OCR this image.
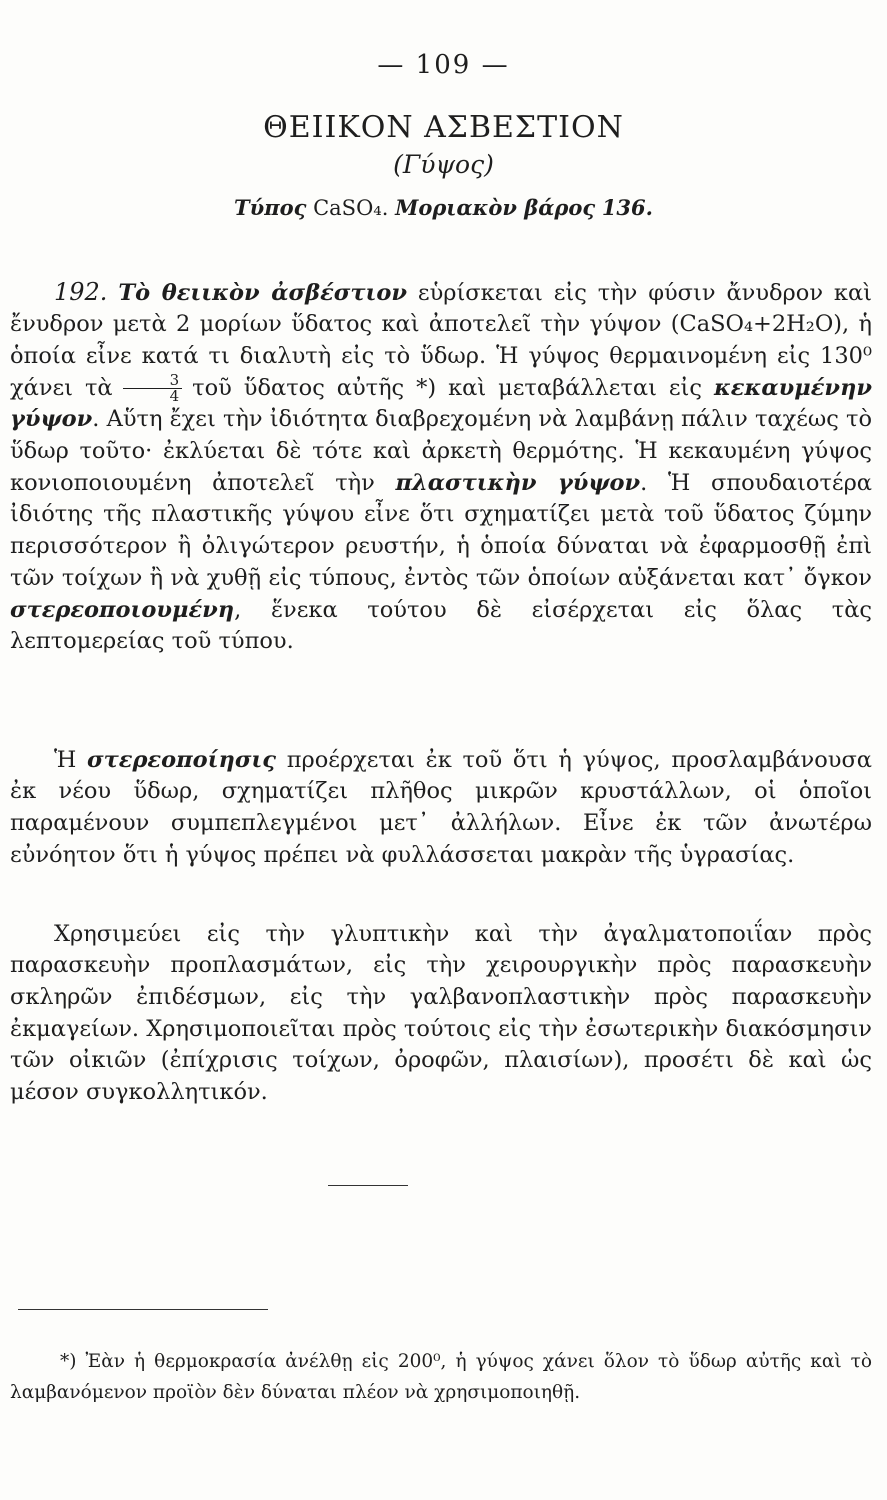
— 109 —
ΘΕΙΙΚΟΝ ΑΣΒΕΣΤΙΟΝ
(Γύψος)
Τύπος CaSO₄. Μοριακὸν βάρος 136.

192. Τὸ θειικὸν ἀσβέστιον εὑρίσκεται εἰς τὴν φύσιν ἄνυδρον καὶ ἔνυδρον μετὰ 2 μορίων ὕδατος καὶ ἀποτελεῖ τὴν γύψον (CaSO₄+2H₂O), ἡ ὁποία εἶνε κατά τι διαλυτὴ εἰς τὸ ὕδωρ. Ἡ γύψος θερμαινομένη εἰς 130⁰ χάνει τὰ $\frac{3}{4}$ τοῦ ὕδατος αὐτῆς *) καὶ μεταβάλλεται εἰς κεκαυμένην γύψον. Αὕτη ἔχει τὴν ἰδιότητα διαβρεχομένη νὰ λαμβάνῃ πάλιν ταχέως τὸ ὕδωρ τοῦτο· ἐκλύεται δὲ τότε καὶ ἀρκετὴ θερμότης. Ἡ κεκαυμένη γύψος κονιοποιουμένη ἀποτελεῖ τὴν πλαστικὴν γύψον. Ἡ σπουδαιοτέρα ἰδιότης τῆς πλαστικῆς γύψου εἶνε ὅτι σχηματίζει μετὰ τοῦ ὕδατος ζύμην περισσότερον ἢ ὀλιγώτερον ρευστήν, ἡ ὁποία δύναται νὰ ἐφαρμοσθῇ ἐπὶ τῶν τοίχων ἢ νὰ χυθῇ εἰς τύπους, ἐντὸς τῶν ὁποίων αὐξάνεται κατ᾽ ὄγκον στερεοποιουμένη, ἕνεκα τούτου δὲ εἰσέρχεται εἰς ὅλας τὰς λεπτομερείας τοῦ τύπου.

Ἡ στερεοποίησις προέρχεται ἐκ τοῦ ὅτι ἡ γύψος, προσλαμβάνουσα ἐκ νέου ὕδωρ, σχηματίζει πλῆθος μικρῶν κρυστάλλων, οἱ ὁποῖοι παραμένουν συμπεπλεγμένοι μετ᾽ ἀλλήλων. Εἶνε ἐκ τῶν ἀνωτέρω εὐνόητον ὅτι ἡ γύψος πρέπει νὰ φυλλάσσεται μακρὰν τῆς ὑγρασίας.

Χρησιμεύει εἰς τὴν γλυπτικὴν καὶ τὴν ἀγαλματοποιΐαν πρὸς παρασκευὴν προπλασμάτων, εἰς τὴν χειρουργικὴν πρὸς παρασκευὴν σκληρῶν ἐπιδέσμων, εἰς τὴν γαλβανοπλαστικὴν πρὸς παρασκευὴν ἐκμαγείων. Χρησιμοποιεῖται πρὸς τούτοις εἰς τὴν ἐσωτερικὴν διακόσμησιν τῶν οἰκιῶν (ἐπίχρισις τοίχων, ὀροφῶν, πλαισίων), προσέτι δὲ καὶ ὡς μέσον συγκολλητικόν.

*) Ἐὰν ἡ θερμοκρασία ἀνέλθῃ εἰς 200⁰, ἡ γύψος χάνει ὅλον τὸ ὕδωρ αὐτῆς καὶ τὸ λαμβανόμενον προϊὸν δὲν δύναται πλέον νὰ χρησιμοποιηθῇ.
